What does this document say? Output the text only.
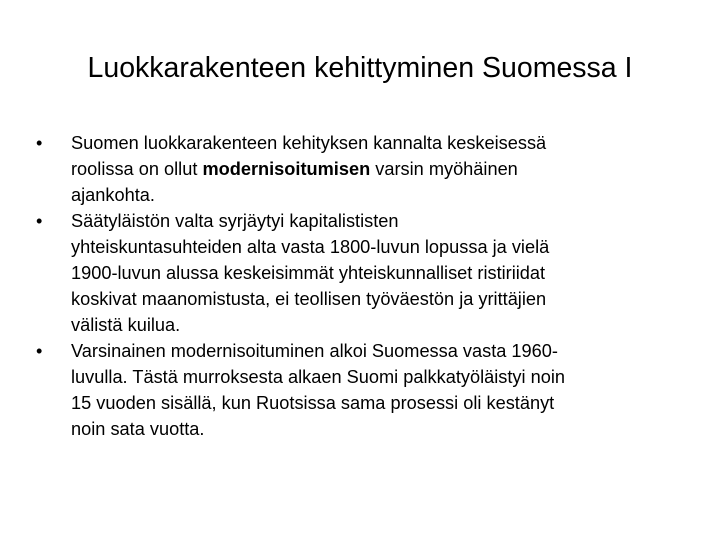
Luokkarakenteen kehittyminen Suomessa I
•	Suomen luokkarakenteen kehityksen kannalta keskeisessä
roolissa on ollut modernisoitumisen varsin myöhäinen
ajankohta.
•	Säätyläistön valta syrjäytyi kapitalististen
yhteiskuntasuhteiden alta vasta 1800-luvun lopussa ja vielä
1900-luvun alussa keskeisimmät yhteiskunnalliset ristiriidat
koskivat maanomistusta, ei teollisen työväestön ja yrittäjien
välistä kuilua.
•	Varsinainen modernisoituminen alkoi Suomessa vasta 1960-
luvulla. Tästä murroksesta alkaen Suomi palkkatyöläistyi noin
15 vuoden sisällä, kun Ruotsissa sama prosessi oli kestänyt
noin sata vuotta.
